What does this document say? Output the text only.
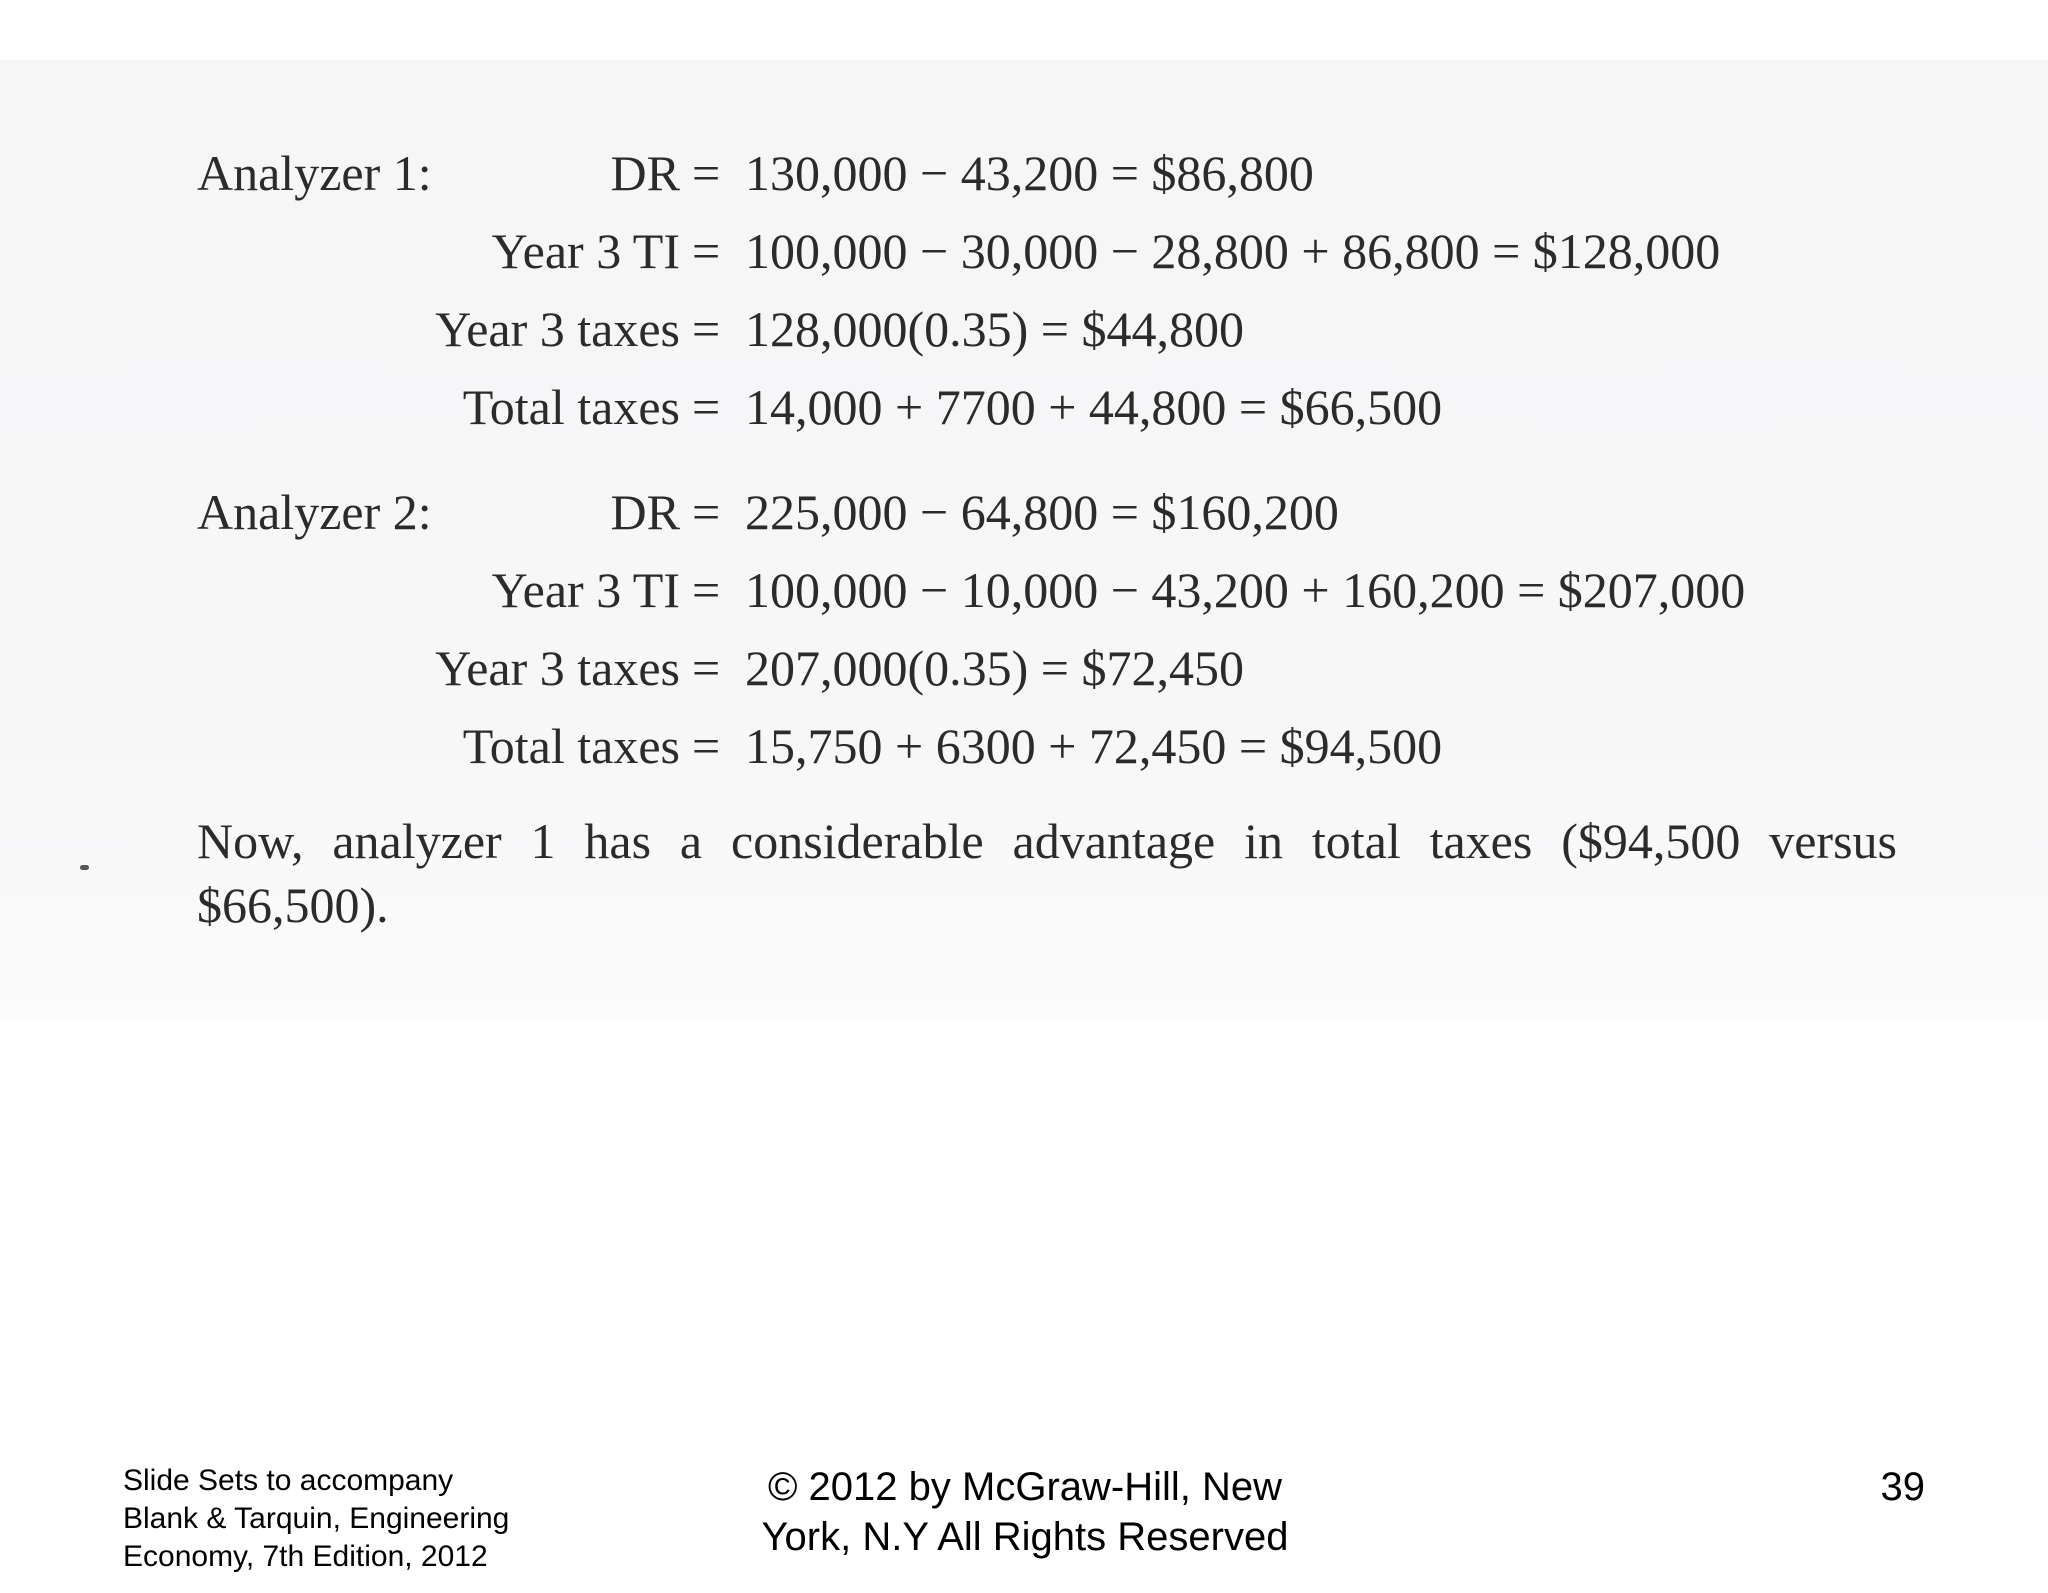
Analyzer 1:	DR = 130,000 − 43,200 = $86,800
Year 3 TI = 100,000 − 30,000 − 28,800 + 86,800 = $128,000
Year 3 taxes = 128,000(0.35) = $44,800
Total taxes = 14,000 + 7700 + 44,800 = $66,500
Analyzer 2:	DR = 225,000 − 64,800 = $160,200
Year 3 TI = 100,000 − 10,000 − 43,200 + 160,200 = $207,000
Year 3 taxes = 207,000(0.35) = $72,450
Total taxes = 15,750 + 6300 + 72,450 = $94,500
Now, analyzer 1 has a considerable advantage in total taxes ($94,500 versus
$66,500).
Slide Sets to accompany
Blank & Tarquin, Engineering
Economy, 7th Edition, 2012
© 2012 by McGraw-Hill, New
York, N.Y All Rights Reserved
39
